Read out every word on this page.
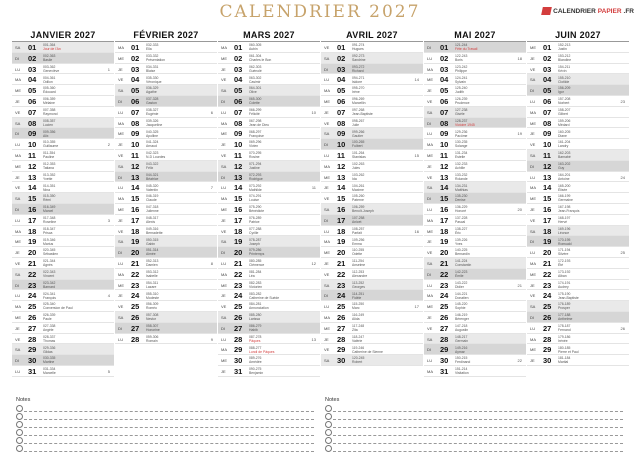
CALENDRIER 2027	CALENDRIER PAPIER .FR
JANVIER 2027
SA 01 001-364
Jour de l'An
DI 02 002-363
Basile
LU 03 003-362
Geneviève	1
MA 04 004-361
Odilon
ME 05 005-360
Édouard
JE 06 006-359
Mélaine
VE 07 007-358
Raymond
SA 08 008-357
Lucien
DI 09 009-356
Alix
LU 10 010-355
Guillaume	2
MA 11 011-354
Pauline
ME 12 012-353
Tatiana
JE 13 013-352
Yvette
VE 14 014-351
Nina
SA 15 015-350
Rémi
DI 16 016-349
Marcel
LU 17 017-348
Roseline	3
MA 18 018-347
Prisca
ME 19 019-346
Marius
JE 20 020-345
Sébastien
VE 21 021-344
Agnès
SA 22 022-343
Vincent
DI 23 023-342
Barnard
LU 24 024-341
François	4
MA 25 025-340
Conversion de Paul
ME 26 026-339
Paule
JE 27 027-338
Angèle
VE 28 028-337
Thomas
SA 29 029-336
Gildas
DI 30 030-335
Martine
LU 31 031-334
Marcelle	5
FÉVRIER 2027
MA 01 032-333
Ella
ME 02 033-332
Présentation
JE 03 034-331
Blaise
VE 04 035-330
Véronique
SA 05 036-329
Agathe
DI 06 037-328
Gaston
LU 07 038-327
Eugénie	6
MA 08 039-326
Jacqueline
ME 09 040-325
Apolline
JE 10 041-324
Arnaud
VE 11 042-323
N-D Lourdes
SA 12 043-322
Félix
DI 13 044-321
Béatrice
LU 14 045-320
Valentin	7
MA 15 046-319
Claude
ME 16 047-318
Julienne
JE 17 048-317
Alexis
VE 18 049-316
Bernadette
SA 19 050-315
Gabin
DI 20 051-314
Aimée
LU 21 052-313
Damien	8
MA 22 053-312
Isabelle
ME 23 054-311
Lazare
JE 24 055-310
Modeste
VE 25 056-309
Roméo
SA 26 057-308
Nestor
DI 27 058-307
Honorine
LU 28 059-306
Romain	9
MARS 2027
MA 01 060-305
Aubin
ME 02 061-304
Charles le Bon
JE 03 062-303
Guénolé
VE 04 063-302
Casimir
SA 05 064-301
Olive
DI 06 065-300
Colette
LU 07 066-299
Félicité	10
MA 08 067-298
Jean de Dieu
ME 09 068-297
Françoise
JE 10 069-296
Vivien
VE 11 070-295
Rosine
SA 12 071-294
Justine
DI 13 072-293
Rodrigue
LU 14 073-292
Mathilde	11
MA 15 074-291
Louise
ME 16 075-290
Bénédicte
JE 17 076-289
Patrice
VE 18 077-288
Cyrille
SA 19 078-287
Joseph
DI 20 079-286
Printemps
LU 21 080-285
Clémence	12
MA 22 081-284
Léa
ME 23 082-283
Victorien
JE 24 083-282
Catherine de Suède
VE 25 084-281
Annonciation
SA 26 085-280
Larissa
DI 27 086-279
Habib
LU 28 087-278
Pâques	13
MA 29 088-277
Lundi de Pâques
ME 30 089-276
Amédée
JE 31 090-275
Benjamin
AVRIL 2027
VE 01 091-274
Hugues
SA 02 092-273
Sandrine
DI 03 093-272
Richard
LU 04 094-271
Isidore	14
MA 05 095-270
Irène
ME 06 096-269
Marcellin
JE 07 097-268
Jean-Baptiste
VE 08 098-267
Julie
SA 09 099-266
Gautier
DI 10 100-265
Fulbert
LU 11 101-264
Stanislas	15
MA 12 102-263
Jules
ME 13 103-262
Ida
JE 14 104-261
Maxime
VE 15 105-260
Paterne
SA 16 106-259
Benoît-Joseph
DI 17 107-258
Anicet
LU 18 108-257
Parfait	16
MA 19 109-256
Emma
ME 20 110-255
Odette
JE 21 111-254
Anselme
VE 22 112-253
Alexandre
SA 23 113-252
Georges
DI 24 114-251
Fidèle
LU 25 115-250
Marc	17
MA 26 116-249
Alida
ME 27 117-248
Zita
JE 28 118-247
Valérie
VE 29 119-246
Catherine de Sienne
SA 30 120-245
Robert
MAI 2027
DI 01 121-244
Fête du Travail
LU 02 122-243
Boris	18
MA 03 123-242
Philippe
ME 04 124-241
Sylvain
JE 05 125-240
Judith
VE 06 126-239
Prudence
SA 07 127-238
Gisèle
DI 08 128-237
Victoire 1945
LU 09 129-236
Pacôme	19
MA 10 130-235
Solange
ME 11 131-234
Estelle
JE 12 132-233
Achille
VE 13 133-232
Rolande
SA 14 134-231
Matthias
DI 15 135-230
Denise
LU 16 136-229
Honoré	20
MA 17 137-228
Pascal
ME 18 138-227
Éric
JE 19 139-226
Yves
VE 20 140-225
Bernardin
SA 21 141-224
Constantin
DI 22 142-223
Émile
LU 23 143-222
Didier	21
MA 24 144-221
Donatien
ME 25 145-220
Sophie
JE 26 146-219
Bérenger
VE 27 147-218
Augustin
SA 28 148-217
Germain
DI 29 149-216
Aymar
LU 30 150-215
Ferdinand	22
MA 31 151-214
Visitation
JUIN 2027
ME 01 152-213
Justin
JE 02 153-212
Blandine
VE 03 154-211
Kévin
SA 04 155-210
Clotilde
DI 05 156-209
Igor
LU 06 157-208
Norbert	23
MA 07 158-207
Gilbert
ME 08 159-206
Médard
JE 09 160-205
Diane
VE 10 161-204
Landry
SA 11 162-203
Barnabé
DI 12 163-202
Guy
LU 13 164-201
Antoine	24
MA 14 165-200
Élisée
ME 15 166-199
Germaine
JE 16 167-198
Jean-François
VE 17 168-197
Hervé
SA 18 169-196
Léonce
DI 19 170-195
Romuald
LU 20 171-194
Silvère	25
MA 21 172-193
Été
ME 22 173-192
Alban
JE 23 174-191
Audrey
VE 24 175-190
Jean-Baptiste
SA 25 176-189
Prosper
DI 26 177-188
Anthelme
LU 27 178-187
Fernand	26
MA 28 179-186
Irénée
ME 29 180-185
Pierre et Paul
JE 30 181-184
Martial
Notes	Notes
